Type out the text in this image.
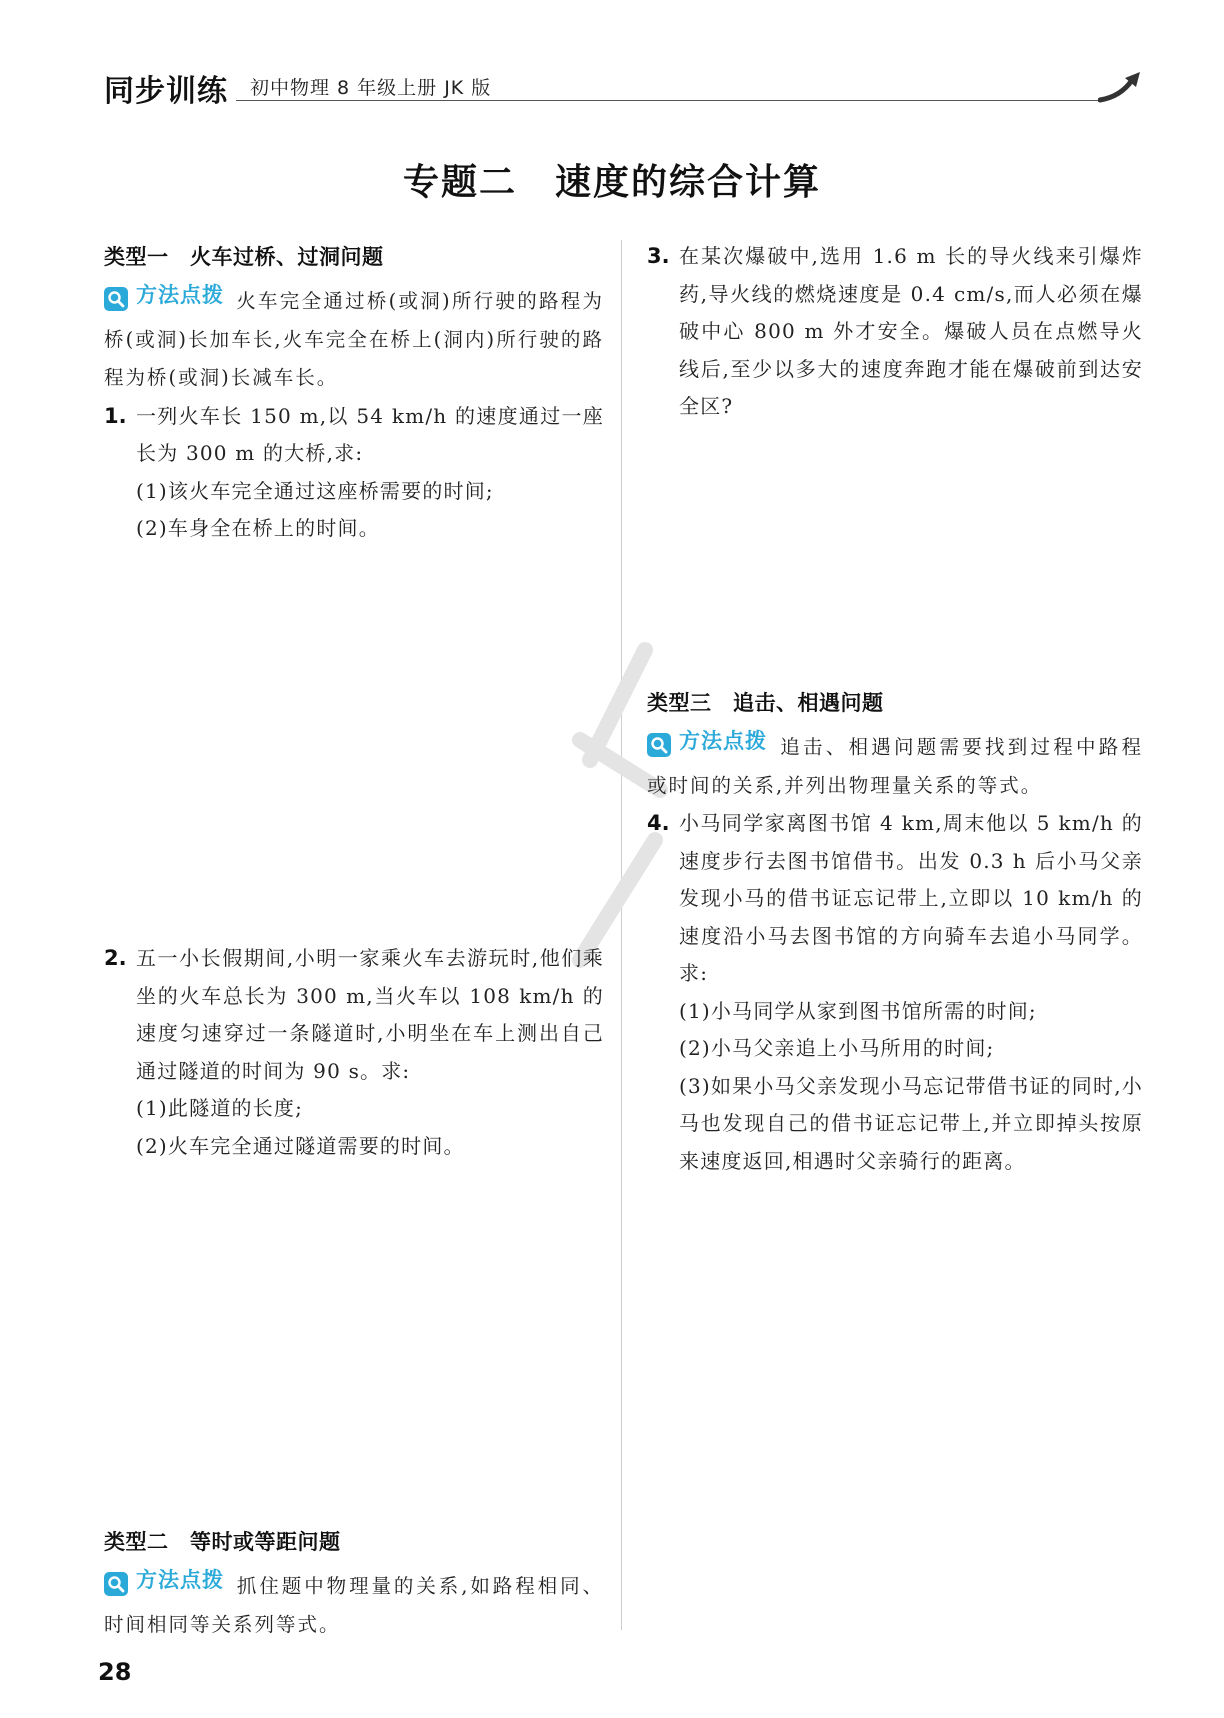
同步训练 初中物理 8 年级上册 JK 版
专题二　速度的综合计算
类型一　火车过桥、过洞问题
方法点拨 火车完全通过桥(或洞)所行驶的路程为桥(或洞)长加车长,火车完全在桥上(洞内)所行驶的路程为桥(或洞)长减车长。
1. 一列火车长 150 m,以 54 km/h 的速度通过一座长为 300 m 的大桥,求:
(1)该火车完全通过这座桥需要的时间;
(2)车身全在桥上的时间。
2. 五一小长假期间,小明一家乘火车去游玩时,他们乘坐的火车总长为 300 m,当火车以 108 km/h 的速度匀速穿过一条隧道时,小明坐在车上测出自己通过隧道的时间为 90 s。求:
(1)此隧道的长度;
(2)火车完全通过隧道需要的时间。
类型二　等时或等距问题
方法点拨 抓住题中物理量的关系,如路程相同、时间相同等关系列等式。
3. 在某次爆破中,选用 1.6 m 长的导火线来引爆炸药,导火线的燃烧速度是 0.4 cm/s,而人必须在爆破中心 800 m 外才安全。爆破人员在点燃导火线后,至少以多大的速度奔跑才能在爆破前到达安全区?
类型三　追击、相遇问题
方法点拨 追击、相遇问题需要找到过程中路程或时间的关系,并列出物理量关系的等式。
4. 小马同学家离图书馆 4 km,周末他以 5 km/h 的速度步行去图书馆借书。出发 0.3 h 后小马父亲发现小马的借书证忘记带上,立即以 10 km/h 的速度沿小马去图书馆的方向骑车去追小马同学。求:
(1)小马同学从家到图书馆所需的时间;
(2)小马父亲追上小马所用的时间;
(3)如果小马父亲发现小马忘记带借书证的同时,小马也发现自己的借书证忘记带上,并立即掉头按原来速度返回,相遇时父亲骑行的距离。
28
